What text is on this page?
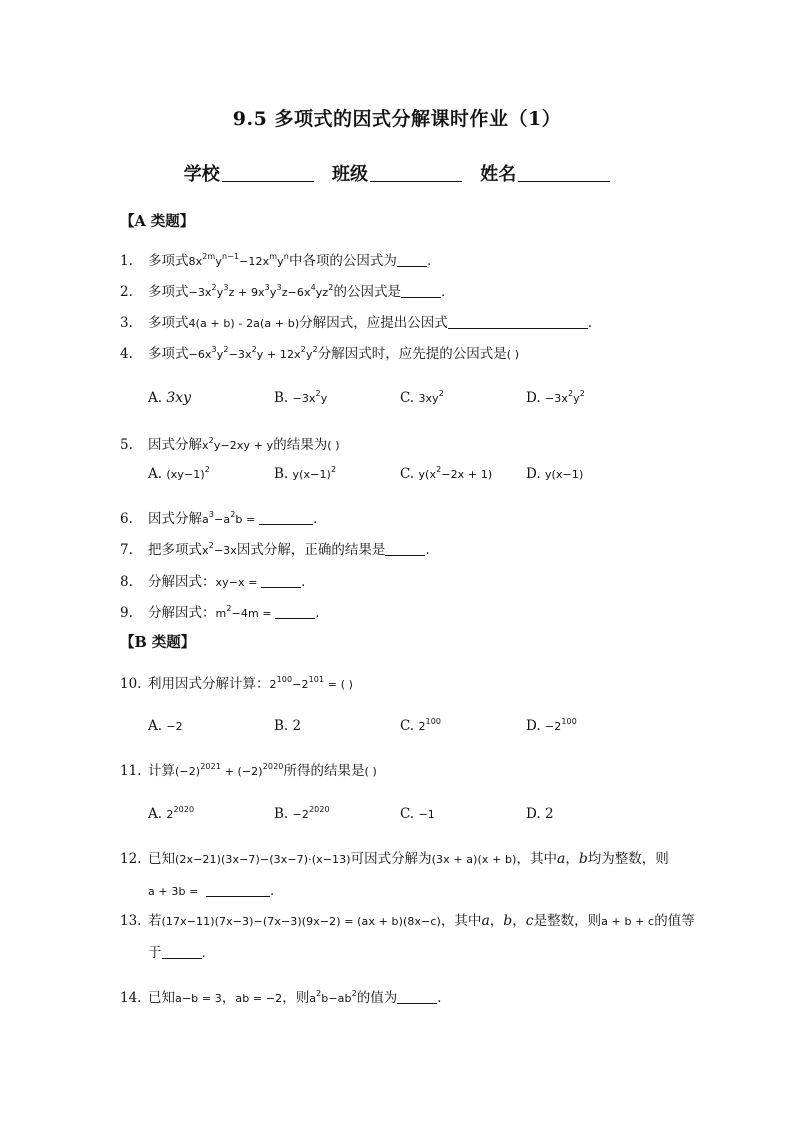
9.5 多项式的因式分解课时作业（1）
学校	班级	姓名
【A 类题】
1. 多项式$8x^{2m}y^{n-1}-12x^my^n$中各项的公因式为 .
2. 多项式$-3x^2y^3z + 9x^3y^3z-6x^4yz^2$的公因式是	.
3. 多项式4(a + b) - 2a(a + b)分解因式，应提出公因式	.
4. 多项式$-6x^3y^2-3x^2y + 12x^2y^2$分解因式时，应先提的公因式是( )
A. 3xy	B. $-3x^2y$	C. $3xy^2$	D. $-3x^2y^2$
5. 因式分解$x^2y-2xy + y$的结果为( )
A. $(xy-1)^2$	B. $y(x-1)^2$	C. $y(x^2-2x + 1)$ D. y(x−1)
6. 因式分解$a^3-a^2b$ =	.
7. 把多项式$x^2-3x$因式分解，正确的结果是	.
8. 分解因式：xy−x =	.
9. 分解因式：$m^2-4m$ =	.
【B 类题】
10. 利用因式分解计算：$2^{100}-2^{101}$ = ( )
A. −2	B. 2	C. $2^{100}$	D. $-2^{100}$
11. 计算$(-2)^{2021} + (-2)^{2020}$所得的结果是( )
A. $2^{2020}$	B. $-2^{2020}$	C. −1	D. 2
12. 已知(2x−21)(3x−7)−(3x−7)·(x−13)可因式分解为(3x + a)(x + b)，其中a，b均为整数，则
a + 3b =	.
13. 若(17x−11)(7x−3)−(7x−3)(9x−2) = (ax + b)(8x−c)，其中a，b，c是整数，则a + b + c的值等
于	.
14. 已知a−b = 3，ab = −2，则$a^2b-ab^2$的值为	.
